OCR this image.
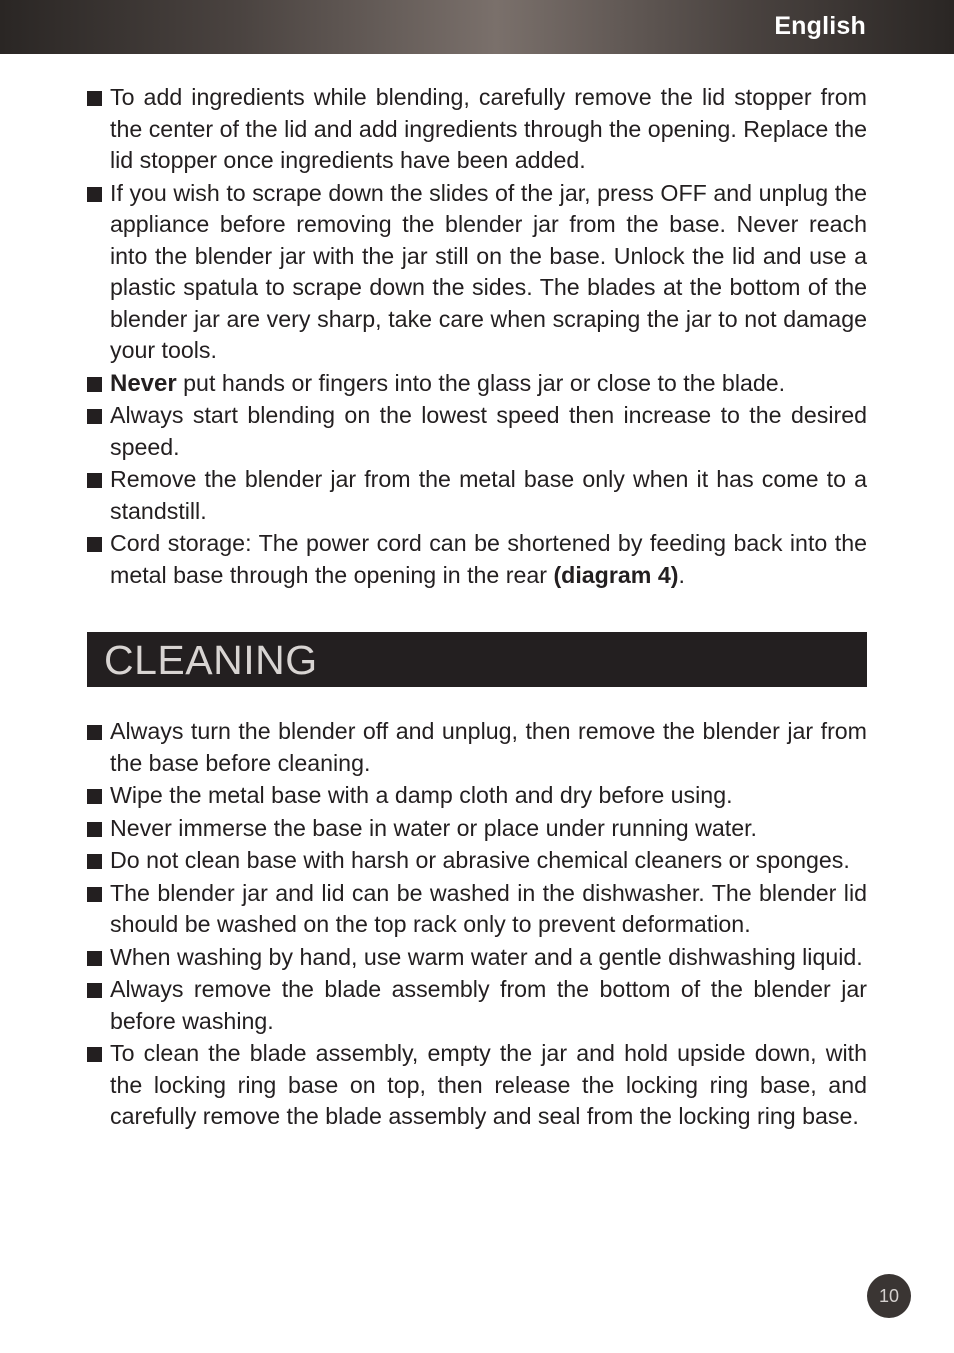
English
To add ingredients while blending, carefully remove the lid stopper from the center of the lid and add ingredients through the opening. Replace the lid stopper once ingredients have been added.
If you wish to scrape down the slides of the jar, press OFF and unplug the appliance before removing the blender jar from the base. Never reach into the blender jar with the jar still on the base. Unlock the lid and use a plastic spatula to scrape down the sides. The blades at the bottom of the blender jar are very sharp, take care when scraping the jar to not damage your tools.
Never put hands or fingers into the glass jar or close to the blade.
Always start blending on the lowest speed then increase to the desired speed.
Remove the blender jar from the metal base only when it has come to a standstill.
Cord storage: The power cord can be shortened by feeding back into the metal base through the opening in the rear (diagram 4).
CLEANING
Always turn the blender off and unplug, then remove the blender jar from the base before cleaning.
Wipe the metal base with a damp cloth and dry before using.
Never immerse the base in water or place under running water.
Do not clean base with harsh or abrasive chemical cleaners or sponges.
The blender jar and lid can be washed in the dishwasher. The blender lid should be washed on the top rack only to prevent deformation.
When washing by hand, use warm water and a gentle dishwashing liquid.
Always remove the blade assembly from the bottom of the blender jar before washing.
To clean the blade assembly, empty the jar and hold upside down, with the locking ring base on top, then release the locking ring base, and carefully remove the blade assembly and seal from the locking ring base.
10
